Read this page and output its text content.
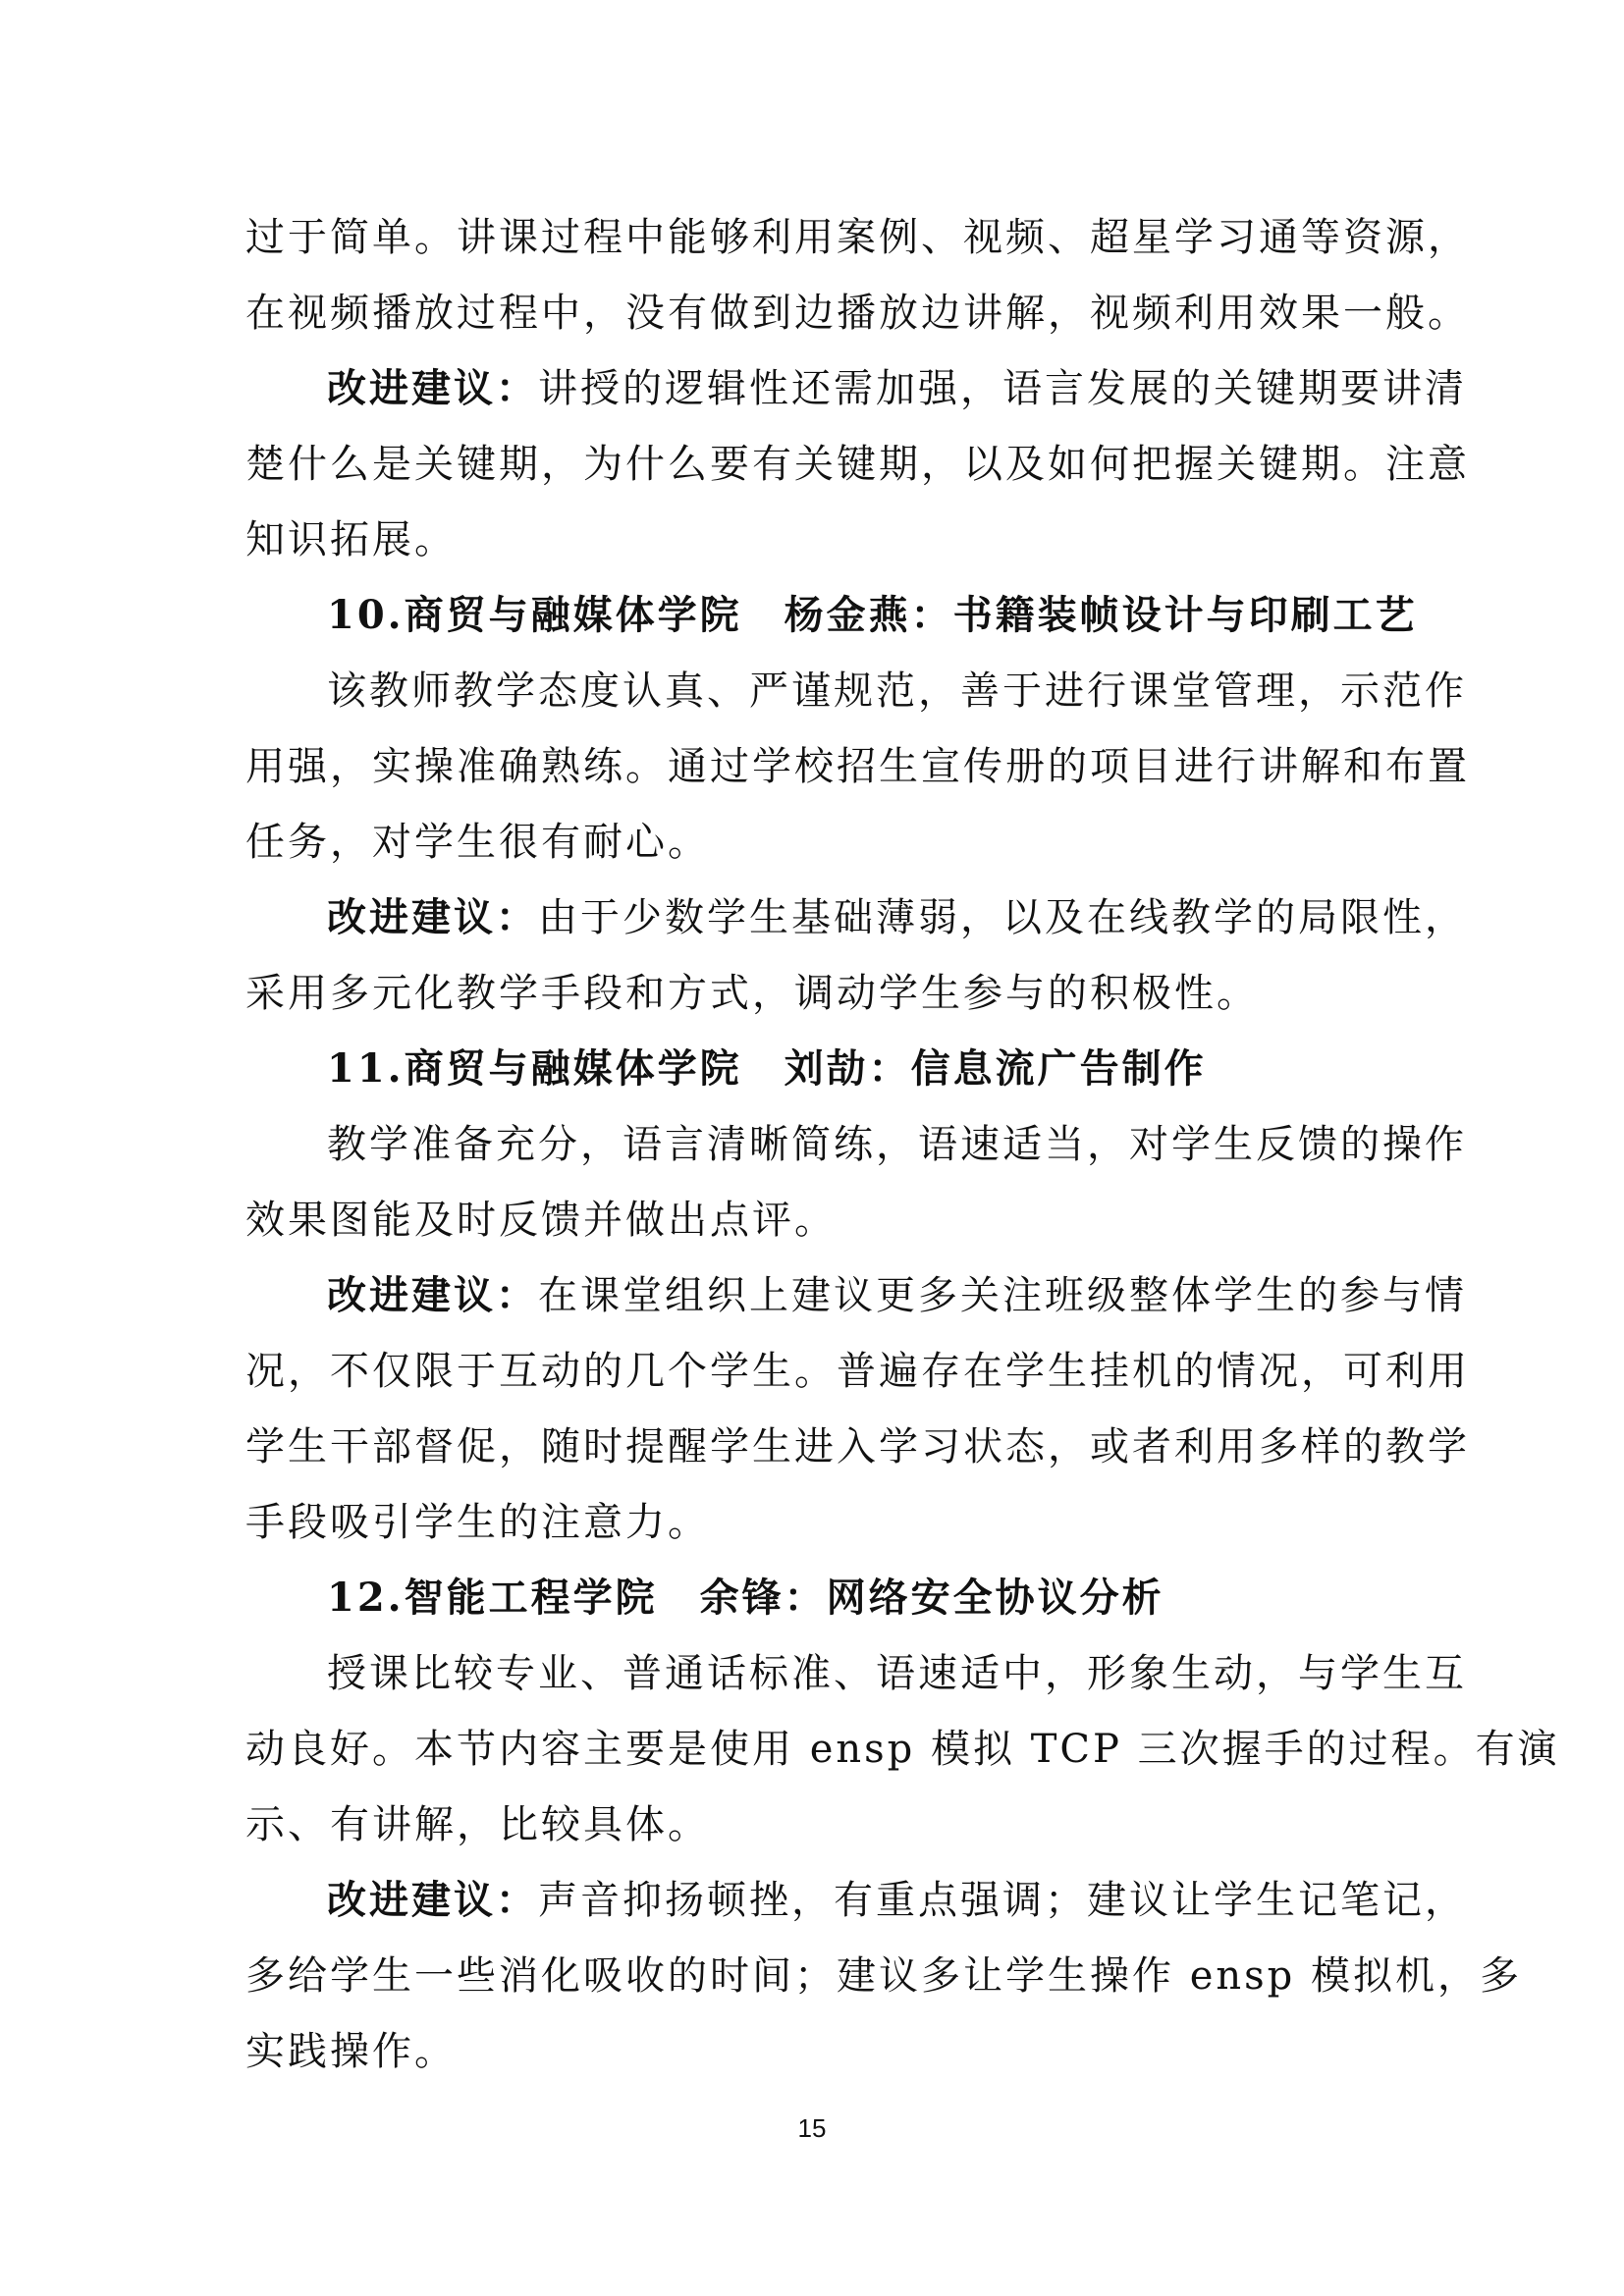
过于简单。讲课过程中能够利用案例、视频、超星学习通等资源，

在视频播放过程中，没有做到边播放边讲解，视频利用效果一般。

改进建议：讲授的逻辑性还需加强，语言发展的关键期要讲清

楚什么是关键期，为什么要有关键期，以及如何把握关键期。注意

知识拓展。

10.商贸与融媒体学院　杨金燕：书籍装帧设计与印刷工艺

该教师教学态度认真、严谨规范，善于进行课堂管理，示范作

用强，实操准确熟练。通过学校招生宣传册的项目进行讲解和布置

任务，对学生很有耐心。

改进建议：由于少数学生基础薄弱，以及在线教学的局限性，

采用多元化教学手段和方式，调动学生参与的积极性。

11.商贸与融媒体学院　刘劼：信息流广告制作

教学准备充分，语言清晰简练，语速适当，对学生反馈的操作

效果图能及时反馈并做出点评。

改进建议：在课堂组织上建议更多关注班级整体学生的参与情

况，不仅限于互动的几个学生。普遍存在学生挂机的情况，可利用

学生干部督促，随时提醒学生进入学习状态，或者利用多样的教学

手段吸引学生的注意力。

12.智能工程学院　余锋：网络安全协议分析

授课比较专业、普通话标准、语速适中，形象生动，与学生互

动良好。本节内容主要是使用 ensp 模拟 TCP 三次握手的过程。有演

示、有讲解，比较具体。

改进建议：声音抑扬顿挫，有重点强调；建议让学生记笔记，

多给学生一些消化吸收的时间；建议多让学生操作 ensp 模拟机，多

实践操作。

15
